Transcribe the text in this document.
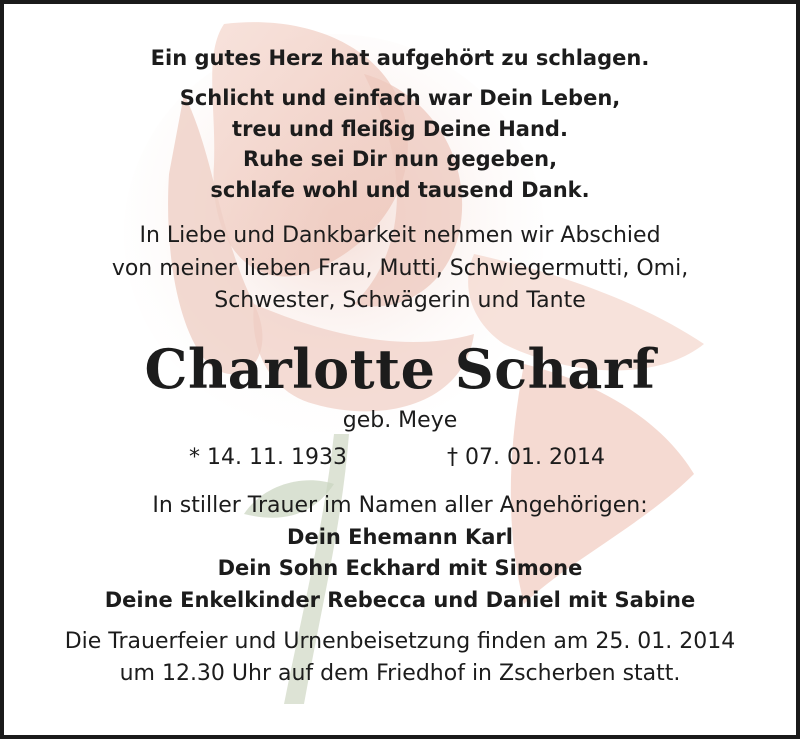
Ein gutes Herz hat aufgehört zu schlagen.
Schlicht und einfach war Dein Leben,
treu und fleißig Deine Hand.
Ruhe sei Dir nun gegeben,
schlafe wohl und tausend Dank.
In Liebe und Dankbarkeit nehmen wir Abschied
von meiner lieben Frau, Mutti, Schwiegermutti, Omi,
Schwester, Schwägerin und Tante
Charlotte Scharf
geb. Meye
* 14. 11. 1933	† 07. 01. 2014
In stiller Trauer im Namen aller Angehörigen:
Dein Ehemann Karl
Dein Sohn Eckhard mit Simone
Deine Enkelkinder Rebecca und Daniel mit Sabine
Die Trauerfeier und Urnenbeisetzung finden am 25. 01. 2014
um 12.30 Uhr auf dem Friedhof in Zscherben statt.
